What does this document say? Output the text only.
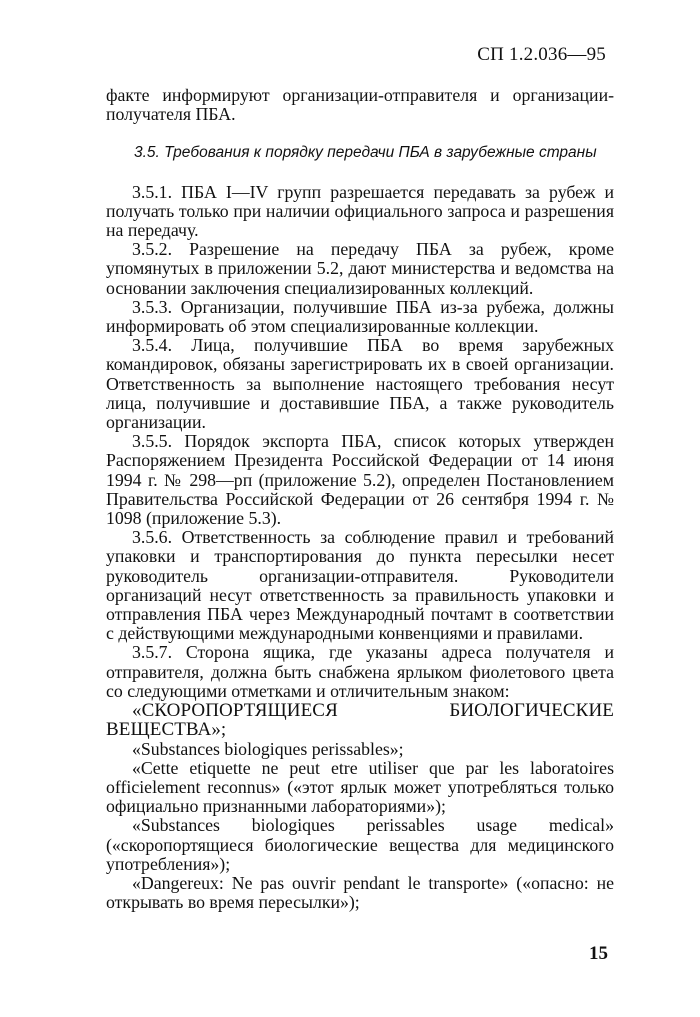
СП 1.2.036—95

факте информируют организации-отправителя и организации-получателя ПБА.

3.5. Требования к порядку передачи ПБА в зарубежные страны

3.5.1. ПБА I—IV групп разрешается передавать за рубеж и получать только при наличии официального запроса и разрешения на передачу.

3.5.2. Разрешение на передачу ПБА за рубеж, кроме упомянутых в приложении 5.2, дают министерства и ведомства на основании заключения специализированных коллекций.

3.5.3. Организации, получившие ПБА из-за рубежа, должны информировать об этом специализированные коллекции.

3.5.4. Лица, получившие ПБА во время зарубежных командировок, обязаны зарегистрировать их в своей организации. Ответственность за выполнение настоящего требования несут лица, получившие и доставившие ПБА, а также руководитель организации.

3.5.5. Порядок экспорта ПБА, список которых утвержден Распоряжением Президента Российской Федерации от 14 июня 1994 г. № 298—рп (приложение 5.2), определен Постановлением Правительства Российской Федерации от 26 сентября 1994 г. № 1098 (приложение 5.3).

3.5.6. Ответственность за соблюдение правил и требований упаковки и транспортирования до пункта пересылки несет руководитель организации-отправителя. Руководители организаций несут ответственность за правильность упаковки и отправления ПБА через Международный почтамт в соответствии с действующими международными конвенциями и правилами.

3.5.7. Сторона ящика, где указаны адреса получателя и отправителя, должна быть снабжена ярлыком фиолетового цвета со следующими отметками и отличительным знаком:

«СКОРОПОРТЯЩИЕСЯ БИОЛОГИЧЕСКИЕ ВЕЩЕСТВА»;

«Substances biologiques perissables»;

«Cette etiquette ne peut etre utiliser que par les laboratoires officielement reconnus» («этот ярлык может употребляться только официально признанными лабораториями»);

«Substances biologiques perissables usage medical» («скоропортящиеся биологические вещества для медицинского употребления»);

«Dangereux: Ne pas ouvrir pendant le transporte» («опасно: не открывать во время пересылки»);

15
